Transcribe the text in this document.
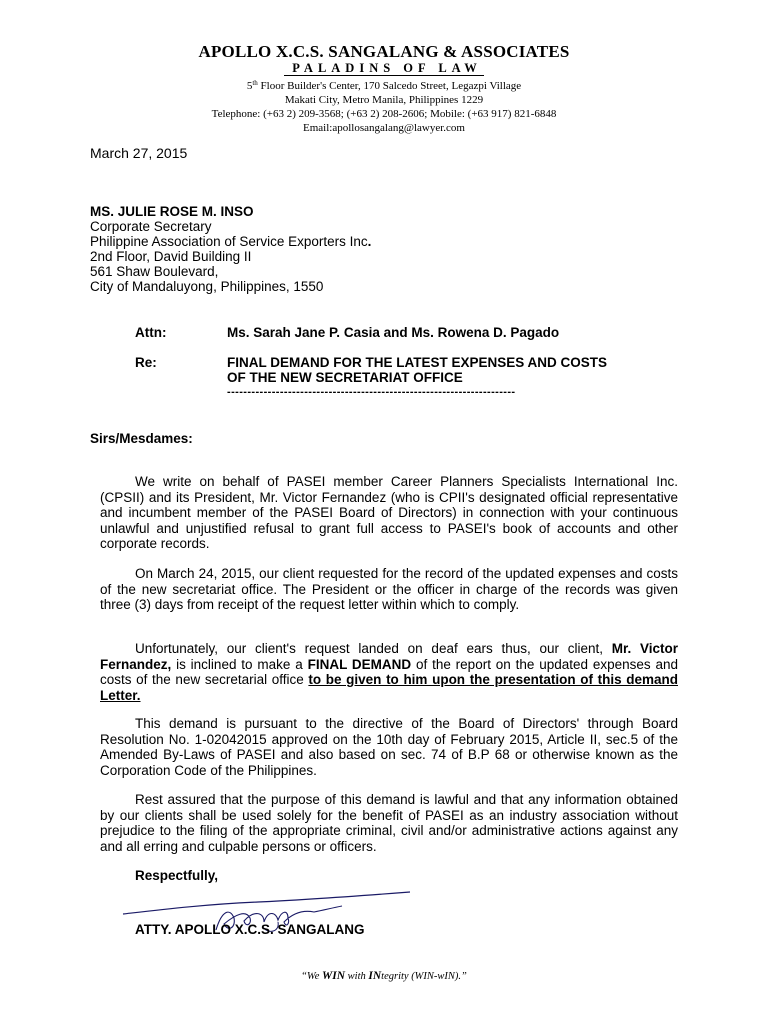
APOLLO X.C.S. SANGALANG & ASSOCIATES
PALADINS OF LAW
5th Floor Builder's Center, 170 Salcedo Street, Legazpi Village
Makati City, Metro Manila, Philippines 1229
Telephone: (+63 2) 209-3568; (+63 2) 208-2606; Mobile: (+63 917) 821-6848
Email:apollosangalang@lawyer.com
March 27, 2015
MS. JULIE ROSE M. INSO
Corporate Secretary
Philippine Association of Service Exporters Inc.
2nd Floor, David Building II
561 Shaw Boulevard,
City of Mandaluyong, Philippines, 1550
Attn:	Ms. Sarah Jane P. Casia and Ms. Rowena D. Pagado
Re:	FINAL DEMAND FOR THE LATEST EXPENSES AND COSTS
OF THE NEW SECRETARIAT OFFICE
-----------------------------------------------------------------------
Sirs/Mesdames:
We write on behalf of PASEI member Career Planners Specialists International Inc. (CPSII) and its President, Mr. Victor Fernandez (who is CPII's designated official representative and incumbent member of the PASEI Board of Directors) in connection with your continuous unlawful and unjustified refusal to grant full access to PASEI's book of accounts and other corporate records.
On March 24, 2015, our client requested for the record of the updated expenses and costs of the new secretariat office. The President or the officer in charge of the records was given three (3) days from receipt of the request letter within which to comply.
Unfortunately, our client's request landed on deaf ears thus, our client, Mr. Victor Fernandez, is inclined to make a FINAL DEMAND of the report on the updated expenses and costs of the new secretarial office to be given to him upon the presentation of this demand Letter.
This demand is pursuant to the directive of the Board of Directors' through Board Resolution No. 1-02042015 approved on the 10th day of February 2015, Article II, sec.5 of the Amended By-Laws of PASEI and also based on sec. 74 of B.P 68 or otherwise known as the Corporation Code of the Philippines.
Rest assured that the purpose of this demand is lawful and that any information obtained by our clients shall be used solely for the benefit of PASEI as an industry association without prejudice to the filing of the appropriate criminal, civil and/or administrative actions against any and all erring and culpable persons or officers.
Respectfully,
ATTY. APOLLO X.C.S. SANGALANG
“We WIN with INtegrity (WIN-wIN).”
